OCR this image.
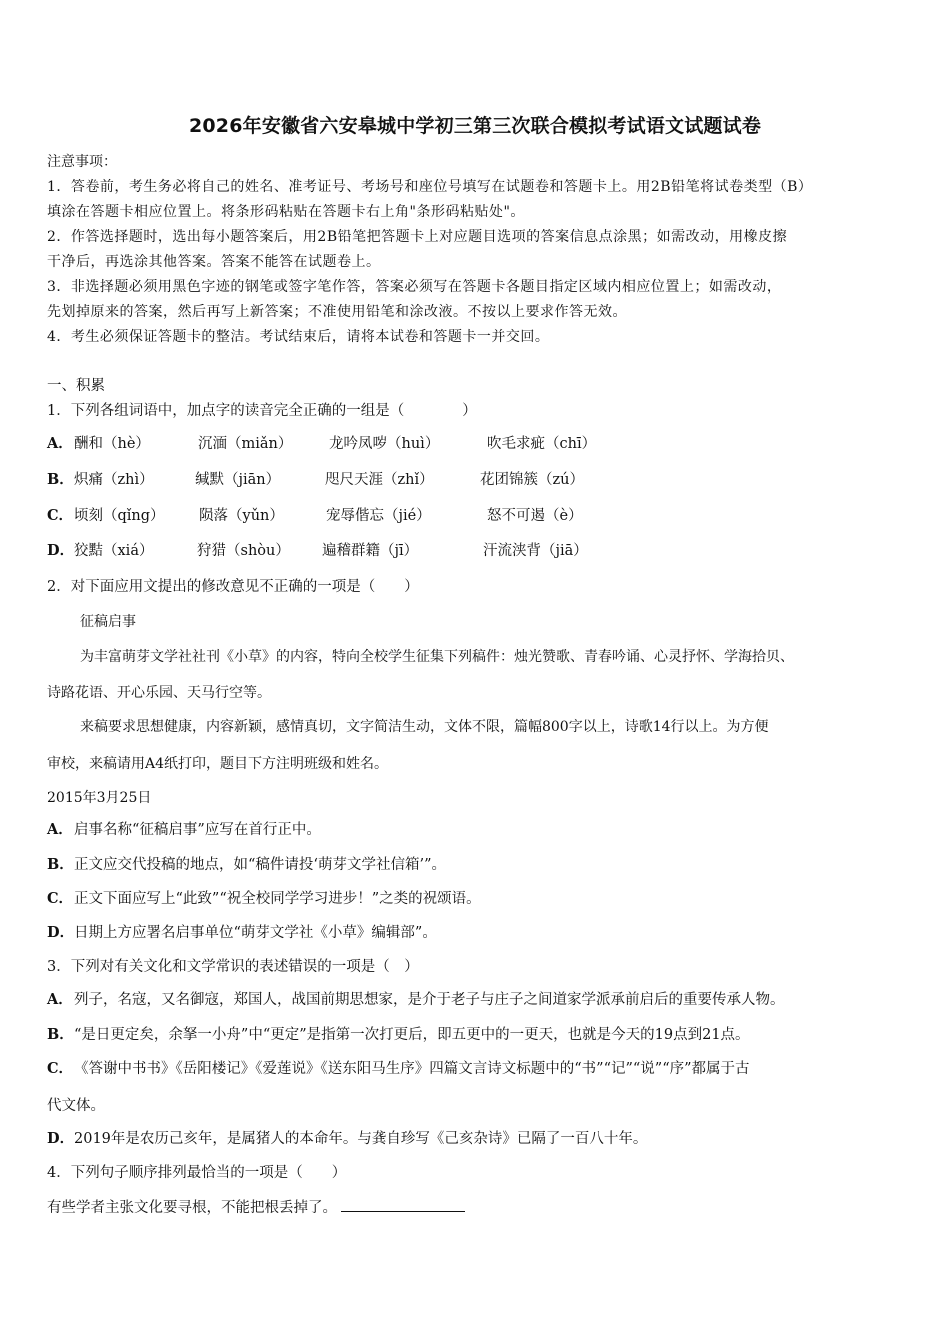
2026年安徽省六安皋城中学初三第三次联合模拟考试语文试题试卷
注意事项：
1．答卷前，考生务必将自己的姓名、准考证号、考场号和座位号填写在试题卷和答题卡上。用2B铅笔将试卷类型（B）
填涂在答题卡相应位置上。将条形码粘贴在答题卡右上角"条形码粘贴处"。
2．作答选择题时，选出每小题答案后，用2B铅笔把答题卡上对应题目选项的答案信息点涂黑；如需改动，用橡皮擦
干净后，再选涂其他答案。答案不能答在试题卷上。
3．非选择题必须用黑色字迹的钢笔或签字笔作答，答案必须写在答题卡各题目指定区域内相应位置上；如需改动，
先划掉原来的答案，然后再写上新答案；不准使用铅笔和涂改液。不按以上要求作答无效。
4．考生必须保证答题卡的整洁。考试结束后，请将本试卷和答题卡一并交回。
一、积累
1．下列各组词语中，加点字的读音完全正确的一组是（　　　　）
A．酬和（hè）	沉湎（miǎn）	龙吟凤哕（huì）	吹毛求疵（chī）
B．炽痛（zhì）	缄默（jiān）	咫尺天涯（zhǐ）	花团锦簇（zú）
C．顷刻（qǐng） 陨落（yǔn）	宠辱偕忘（jié）	怒不可遏（è）
D．狡黠（xiá）	狩猎（shòu） 遍稽群籍（jī）	汗流浃背（jiā）
2．对下面应用文提出的修改意见不正确的一项是（　　）
征稿启事
为丰富萌芽文学社社刊《小草》的内容，特向全校学生征集下列稿件：烛光赞歌、青春吟诵、心灵抒怀、学海拾贝、
诗路花语、开心乐园、天马行空等。
来稿要求思想健康，内容新颖，感情真切，文字简洁生动，文体不限，篇幅800字以上，诗歌14行以上。为方便
审校，来稿请用A4纸打印，题目下方注明班级和姓名。
2015年3月25日
A．启事名称“征稿启事”应写在首行正中。
B．正文应交代投稿的地点，如“稿件请投‘萌芽文学社信箱’”。
C．正文下面应写上“此致”“祝全校同学学习进步！”之类的祝颂语。
D．日期上方应署名启事单位“萌芽文学社《小草》编辑部”。
3．下列对有关文化和文学常识的表述错误的一项是（　）
A．列子，名寇，又名御寇，郑国人，战国前期思想家，是介于老子与庄子之间道家学派承前启后的重要传承人物。
B．“是日更定矣，余拏一小舟”中“更定”是指第一次打更后，即五更中的一更天，也就是今天的19点到21点。
C．《答谢中书书》《岳阳楼记》《爱莲说》《送东阳马生序》四篇文言诗文标题中的“书”“记”“说”“序”都属于古
代文体。
D．2019年是农历己亥年，是属猪人的本命年。与龚自珍写《己亥杂诗》已隔了一百八十年。
4．下列句子顺序排列最恰当的一项是（　　）
有些学者主张文化要寻根，不能把根丢掉了。
